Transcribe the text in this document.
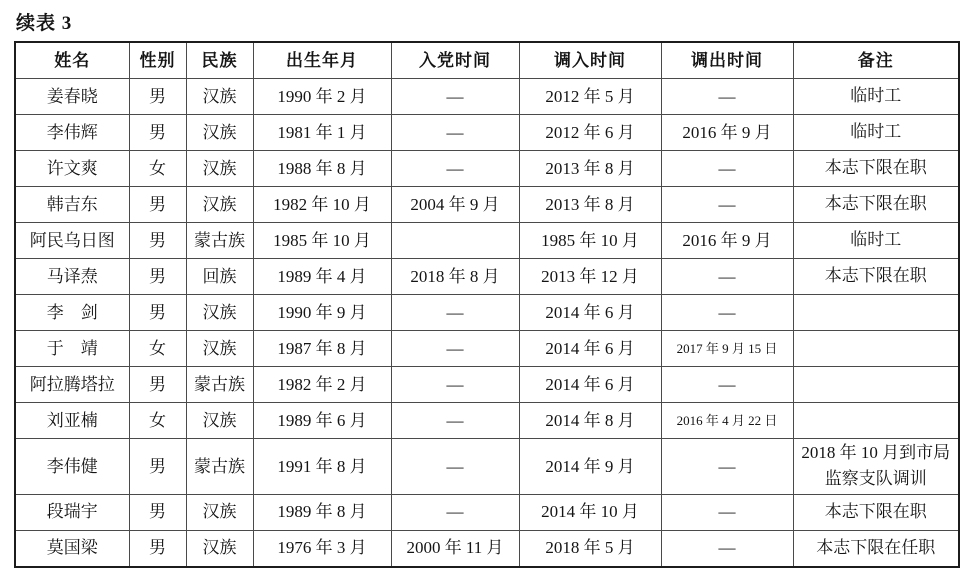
续表 3
姓名	性别	民族	出生年月	入党时间	调入时间	调出时间	备注
姜春晓	男	汉族	1990 年 2 月	—	2012 年 5 月	—	临时工
李伟辉	男	汉族	1981 年 1 月	—	2012 年 6 月	2016 年 9 月	临时工
许文爽	女	汉族	1988 年 8 月	—	2013 年 8 月	—	本志下限在职
韩吉东	男	汉族	1982 年 10 月	2004 年 9 月	2013 年 8 月	—	本志下限在职
阿民乌日图	男	蒙古族	1985 年 10 月		1985 年 10 月	2016 年 9 月	临时工
马译焘	男	回族	1989 年 4 月	2018 年 8 月	2013 年 12 月	—	本志下限在职
李　剑	男	汉族	1990 年 9 月	—	2014 年 6 月	—	
于　靖	女	汉族	1987 年 8 月	—	2014 年 6 月	2017 年 9 月 15 日	
阿拉腾塔拉	男	蒙古族	1982 年 2 月	—	2014 年 6 月	—	
刘亚楠	女	汉族	1989 年 6 月	—	2014 年 8 月	2016 年 4 月 22 日	
李伟健	男	蒙古族	1991 年 8 月	—	2014 年 9 月	—	2018 年 10 月到市局监察支队调训
段瑞宇	男	汉族	1989 年 8 月	—	2014 年 10 月	—	本志下限在职
莫国梁	男	汉族	1976 年 3 月	2000 年 11 月	2018 年 5 月	—	本志下限在任职
